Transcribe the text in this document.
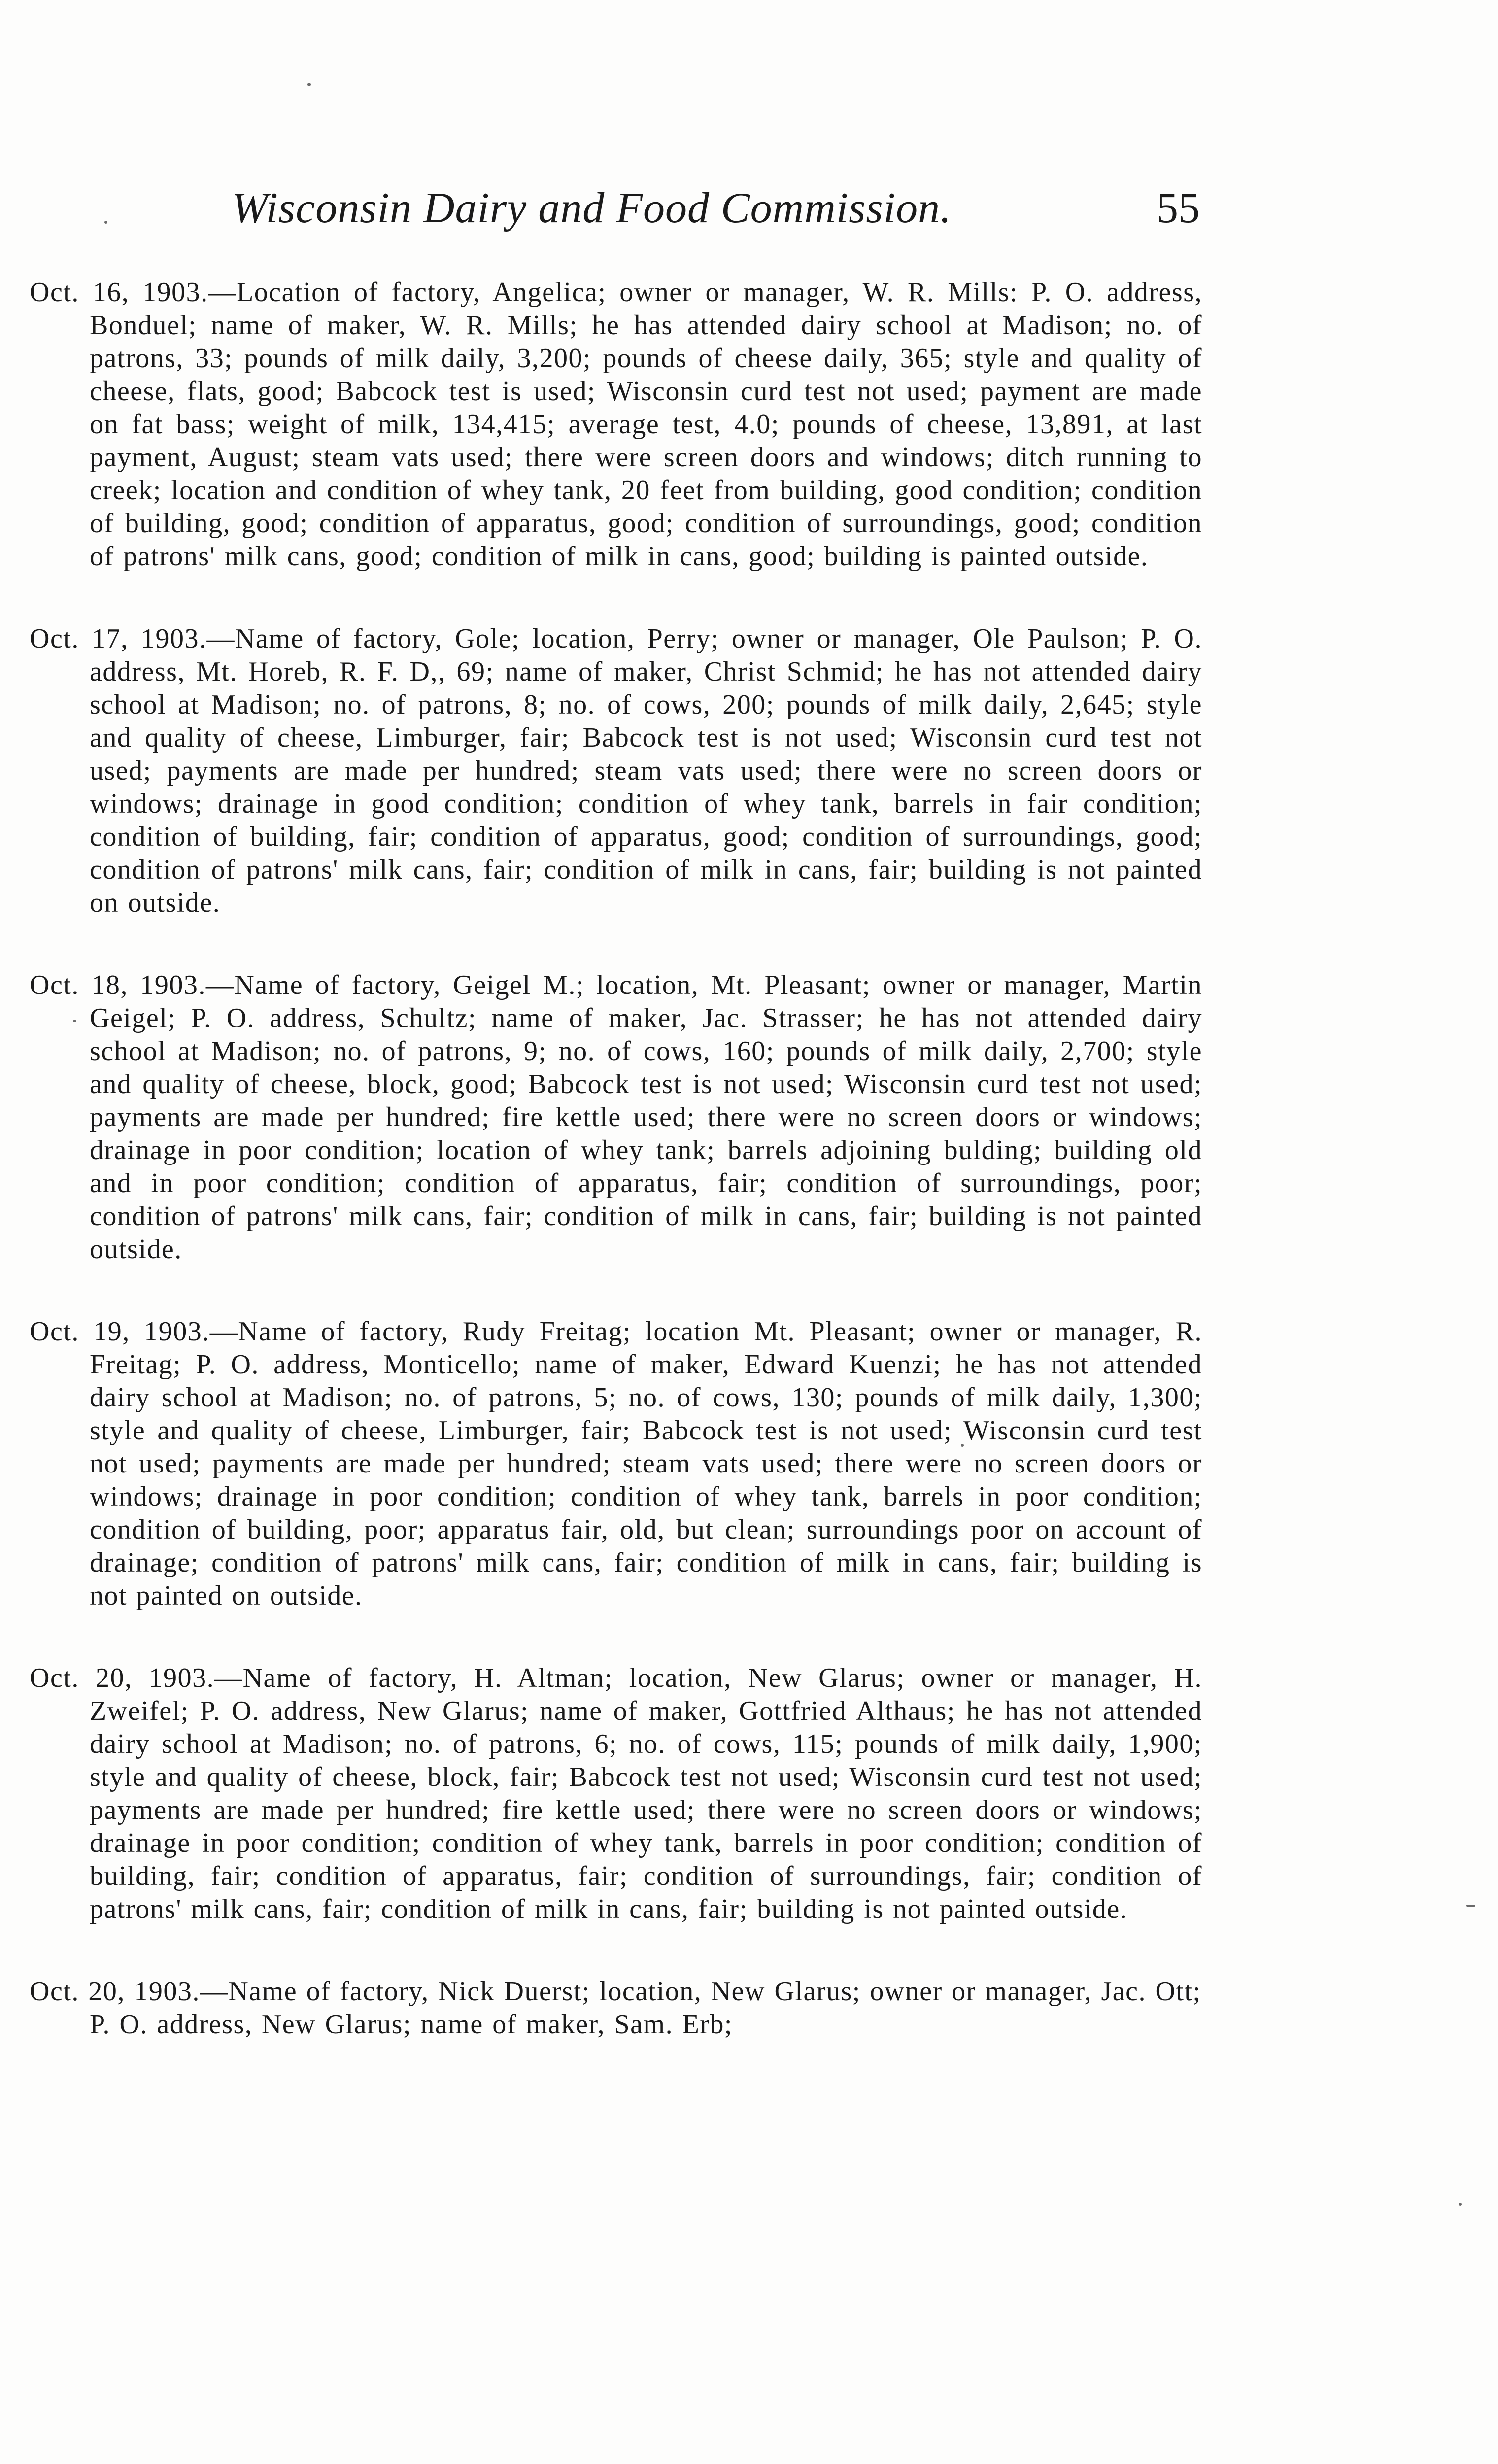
Wisconsin Dairy and Food Commission.	55

Oct. 16, 1903.—Location of factory, Angelica; owner or manager, W. R. Mills: P. O. address, Bonduel; name of maker, W. R. Mills; he has attended dairy school at Madison; no. of patrons, 33; pounds of milk daily, 3,200; pounds of cheese daily, 365; style and quality of cheese, flats, good; Babcock test is used; Wisconsin curd test not used; payment are made on fat bass; weight of milk, 134,415; average test, 4.0; pounds of cheese, 13,891, at last payment, August; steam vats used; there were screen doors and windows; ditch running to creek; location and condition of whey tank, 20 feet from building, good condition; condition of building, good; condition of apparatus, good; condition of surroundings, good; condition of patrons' milk cans, good; condition of milk in cans, good; building is painted outside.

Oct. 17, 1903.—Name of factory, Gole; location, Perry; owner or manager, Ole Paulson; P. O. address, Mt. Horeb, R. F. D,, 69; name of maker, Christ Schmid; he has not attended dairy school at Madison; no. of patrons, 8; no. of cows, 200; pounds of milk daily, 2,645; style and quality of cheese, Limburger, fair; Babcock test is not used; Wisconsin curd test not used; payments are made per hundred; steam vats used; there were no screen doors or windows; drainage in good condition; condition of whey tank, barrels in fair condition; condition of building, fair; condition of apparatus, good; condition of surroundings, good; condition of patrons' milk cans, fair; condition of milk in cans, fair; building is not painted on outside.

Oct. 18, 1903.—Name of factory, Geigel M.; location, Mt. Pleasant; owner or manager, Martin Geigel; P. O. address, Schultz; name of maker, Jac. Strasser; he has not attended dairy school at Madison; no. of patrons, 9; no. of cows, 160; pounds of milk daily, 2,700; style and quality of cheese, block, good; Babcock test is not used; Wisconsin curd test not used; payments are made per hundred; fire kettle used; there were no screen doors or windows; drainage in poor condition; location of whey tank; barrels adjoining bulding; building old and in poor condition; condition of apparatus, fair; condition of surroundings, poor; condition of patrons' milk cans, fair; condition of milk in cans, fair; building is not painted outside.

Oct. 19, 1903.—Name of factory, Rudy Freitag; location Mt. Pleasant; owner or manager, R. Freitag; P. O. address, Monticello; name of maker, Edward Kuenzi; he has not attended dairy school at Madison; no. of patrons, 5; no. of cows, 130; pounds of milk daily, 1,300; style and quality of cheese, Limburger, fair; Babcock test is not used; Wisconsin curd test not used; payments are made per hundred; steam vats used; there were no screen doors or windows; drainage in poor condition; condition of whey tank, barrels in poor condition; condition of building, poor; apparatus fair, old, but clean; surroundings poor on account of drainage; condition of patrons' milk cans, fair; condition of milk in cans, fair; building is not painted on outside.

Oct. 20, 1903.—Name of factory, H. Altman; location, New Glarus; owner or manager, H. Zweifel; P. O. address, New Glarus; name of maker, Gottfried Althaus; he has not attended dairy school at Madison; no. of patrons, 6; no. of cows, 115; pounds of milk daily, 1,900; style and quality of cheese, block, fair; Babcock test not used; Wisconsin curd test not used; payments are made per hundred; fire kettle used; there were no screen doors or windows; drainage in poor condition; condition of whey tank, barrels in poor condition; condition of building, fair; condition of apparatus, fair; condition of surroundings, fair; condition of patrons' milk cans, fair; condition of milk in cans, fair; building is not painted outside.

Oct. 20, 1903.—Name of factory, Nick Duerst; location, New Glarus; owner or manager, Jac. Ott; P. O. address, New Glarus; name of maker, Sam. Erb;
